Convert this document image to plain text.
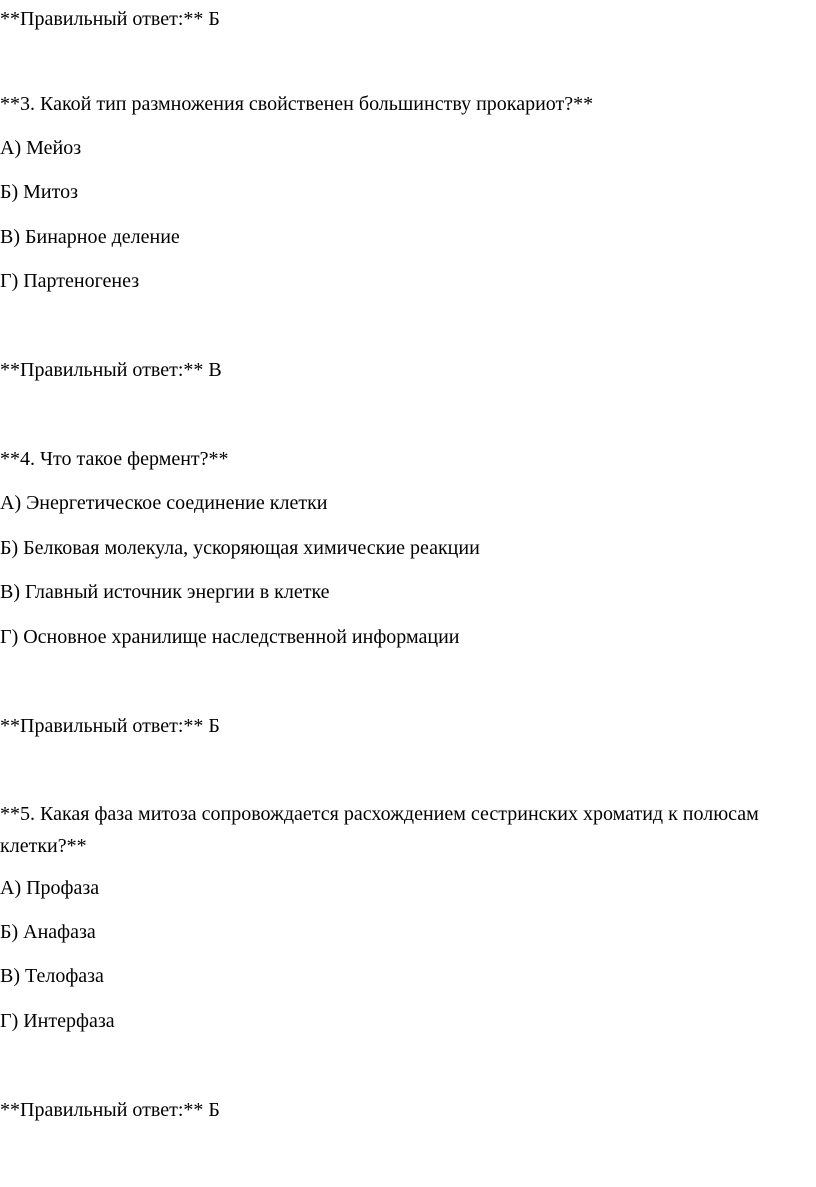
**Правильный ответ:** Б

**3. Какой тип размножения свойственен большинству прокариот?**

А) Мейоз

Б) Митоз

В) Бинарное деление

Г) Партеногенез

**Правильный ответ:** В

**4. Что такое фермент?**

А) Энергетическое соединение клетки

Б) Белковая молекула, ускоряющая химические реакции

В) Главный источник энергии в клетке

Г) Основное хранилище наследственной информации

**Правильный ответ:** Б

**5. Какая фаза митоза сопровождается расхождением сестринских хроматид к полюсам клетки?**

А) Профаза

Б) Анафаза

В) Телофаза

Г) Интерфаза

**Правильный ответ:** Б
